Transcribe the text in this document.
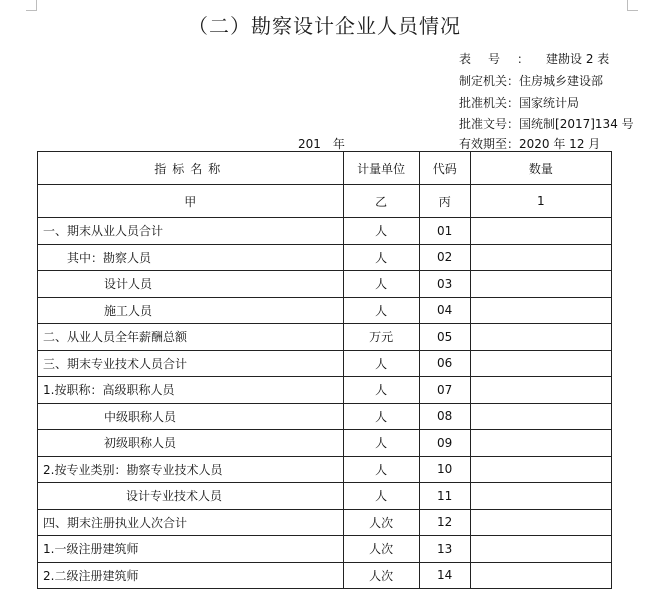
（二）勘察设计企业人员情况
表号：建勘设 2 表
制定机关：住房城乡建设部
批准机关：国家统计局
批准文号：国统制[2017]134 号
有效期至：2020 年 12 月
201　年
指标名称	计量单位	代码	数量
甲	乙	丙	1
一、期末从业人员合计	人	01	
其中：勘察人员	人	02	
设计人员	人	03	
施工人员	人	04	
二、从业人员全年薪酬总额	万元	05	
三、期末专业技术人员合计	人	06	
1.按职称：高级职称人员	人	07	
中级职称人员	人	08	
初级职称人员	人	09	
2.按专业类别：勘察专业技术人员	人	10	
设计专业技术人员	人	11	
四、期末注册执业人次合计	人次	12	
1.一级注册建筑师	人次	13	
2.二级注册建筑师	人次	14	
